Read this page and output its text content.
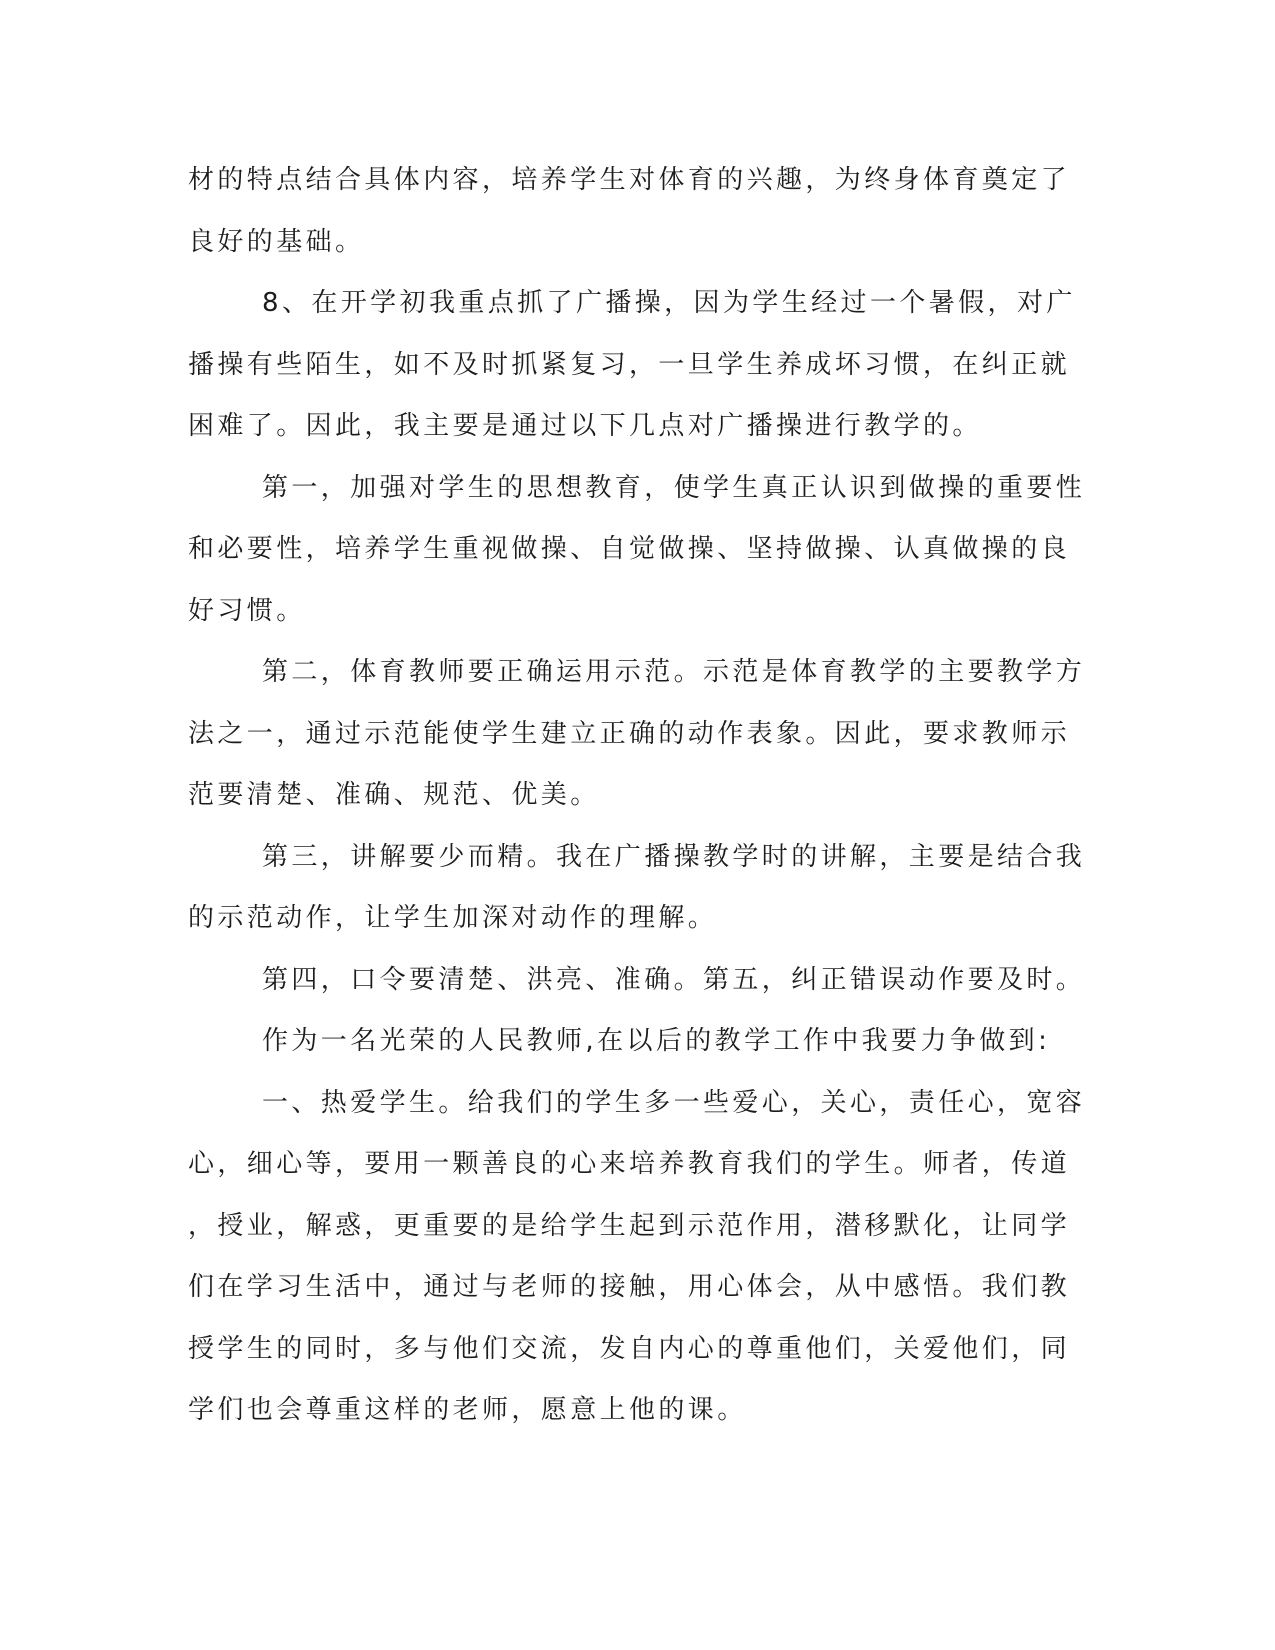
材的特点结合具体内容，培养学生对体育的兴趣，为终身体育奠定了
良好的基础。
8、在开学初我重点抓了广播操，因为学生经过一个暑假，对广
播操有些陌生，如不及时抓紧复习，一旦学生养成坏习惯，在纠正就
困难了。因此，我主要是通过以下几点对广播操进行教学的。
第一，加强对学生的思想教育，使学生真正认识到做操的重要性
和必要性，培养学生重视做操、自觉做操、坚持做操、认真做操的良
好习惯。
第二，体育教师要正确运用示范。示范是体育教学的主要教学方
法之一，通过示范能使学生建立正确的动作表象。因此，要求教师示
范要清楚、准确、规范、优美。
第三，讲解要少而精。我在广播操教学时的讲解，主要是结合我
的示范动作，让学生加深对动作的理解。
第四，口令要清楚、洪亮、准确。第五，纠正错误动作要及时。
作为一名光荣的人民教师,在以后的教学工作中我要力争做到:
一、热爱学生。给我们的学生多一些爱心，关心，责任心，宽容
心，细心等，要用一颗善良的心来培养教育我们的学生。师者，传道
，授业，解惑，更重要的是给学生起到示范作用，潜移默化，让同学
们在学习生活中，通过与老师的接触，用心体会，从中感悟。我们教
授学生的同时，多与他们交流，发自内心的尊重他们，关爱他们，同
学们也会尊重这样的老师，愿意上他的课。
